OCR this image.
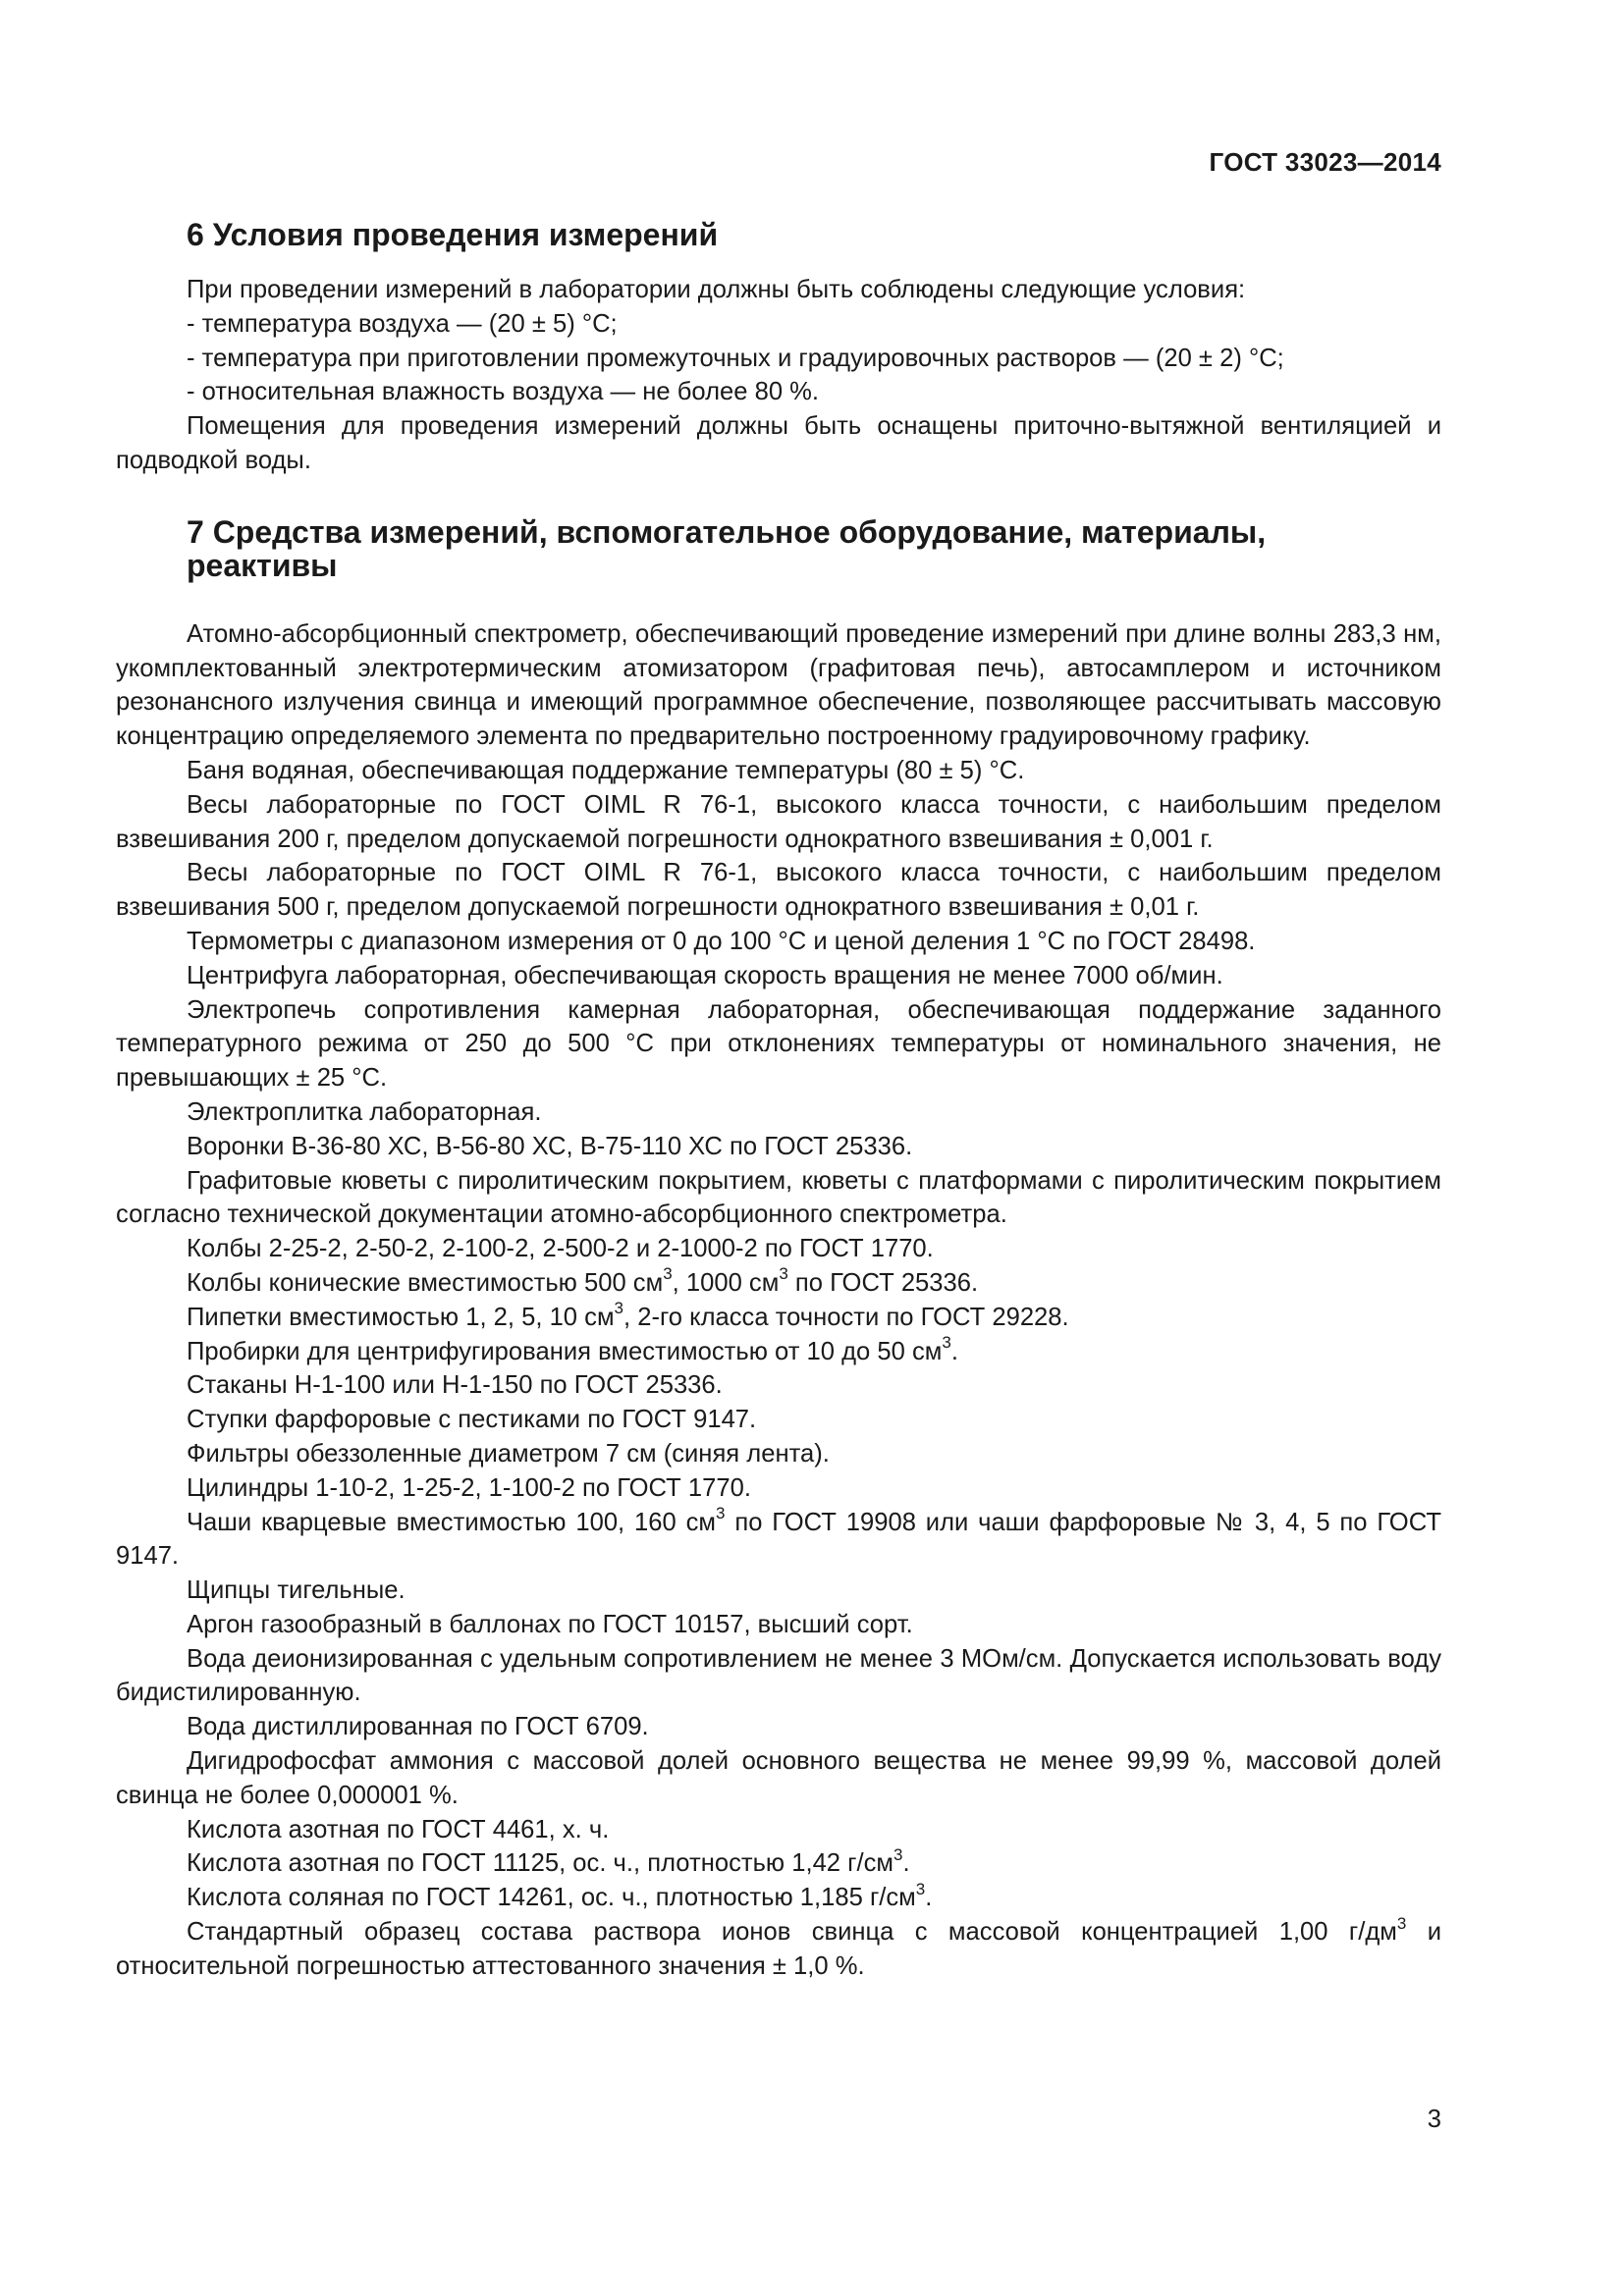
ГОСТ 33023—2014
6 Условия проведения измерений

При проведении измерений в лаборатории должны быть соблюдены следующие условия:

- температура воздуха — (20 ± 5) °C;

- температура при приготовлении промежуточных и градуировочных растворов — (20 ± 2) °C;

- относительная влажность воздуха — не более 80 %.

Помещения для проведения измерений должны быть оснащены приточно-вытяжной вентиляцией и подводкой воды.

7 Средства измерений, вспомогательное оборудование, материалы, реактивы

Атомно-абсорбционный спектрометр, обеспечивающий проведение измерений при длине волны 283,3 нм, укомплектованный электротермическим атомизатором (графитовая печь), автосамплером и источником резонансного излучения свинца и имеющий программное обеспечение, позволяющее рассчитывать массовую концентрацию определяемого элемента по предварительно построенному градуировочному графику.

Баня водяная, обеспечивающая поддержание температуры (80 ± 5) °C.

Весы лабораторные по ГОСТ OIML R 76-1, высокого класса точности, с наибольшим пределом взвешивания 200 г, пределом допускаемой погрешности однократного взвешивания ± 0,001 г.

Весы лабораторные по ГОСТ OIML R 76-1, высокого класса точности, с наибольшим пределом взвешивания 500 г, пределом допускаемой погрешности однократного взвешивания ± 0,01 г.

Термометры с диапазоном измерения от 0 до 100 °C и ценой деления 1 °C по ГОСТ 28498.

Центрифуга лабораторная, обеспечивающая скорость вращения не менее 7000 об/мин.

Электропечь сопротивления камерная лабораторная, обеспечивающая поддержание заданного температурного режима от 250 до 500 °C при отклонениях температуры от номинального значения, не превышающих ± 25 °C.

Электроплитка лабораторная.

Воронки В-36-80 ХС, В-56-80 ХС, В-75-110 ХС по ГОСТ 25336.

Графитовые кюветы с пиролитическим покрытием, кюветы с платформами с пиролитическим покрытием согласно технической документации атомно-абсорбционного спектрометра.

Колбы 2-25-2, 2-50-2, 2-100-2, 2-500-2 и 2-1000-2 по ГОСТ 1770.

Колбы конические вместимостью 500 $см^3$, 1000 $см^3$ по ГОСТ 25336.

Пипетки вместимостью 1, 2, 5, 10 $см^3$, 2-го класса точности по ГОСТ 29228.

Пробирки для центрифугирования вместимостью от 10 до 50 $см^3$.

Стаканы Н-1-100 или Н-1-150 по ГОСТ 25336.

Ступки фарфоровые с пестиками по ГОСТ 9147.

Фильтры обеззоленные диаметром 7 см (синяя лента).

Цилиндры 1-10-2, 1-25-2, 1-100-2 по ГОСТ 1770.

Чаши кварцевые вместимостью 100, 160 $см^3$ по ГОСТ 19908 или чаши фарфоровые № 3, 4, 5 по ГОСТ 9147.

Щипцы тигельные.

Аргон газообразный в баллонах по ГОСТ 10157, высший сорт.

Вода деионизированная с удельным сопротивлением не менее 3 МОм/см. Допускается использовать воду бидистилированную.

Вода дистиллированная по ГОСТ 6709.

Дигидрофосфат аммония с массовой долей основного вещества не менее 99,99 %, массовой долей свинца не более 0,000001 %.

Кислота азотная по ГОСТ 4461, х. ч.

Кислота азотная по ГОСТ 11125, ос. ч., плотностью 1,42 $г/см^3$.

Кислота соляная по ГОСТ 14261, ос. ч., плотностью 1,185 $г/см^3$.

Стандартный образец состава раствора ионов свинца с массовой концентрацией 1,00 $г/дм^3$ и относительной погрешностью аттестованного значения ± 1,0 %.

3
